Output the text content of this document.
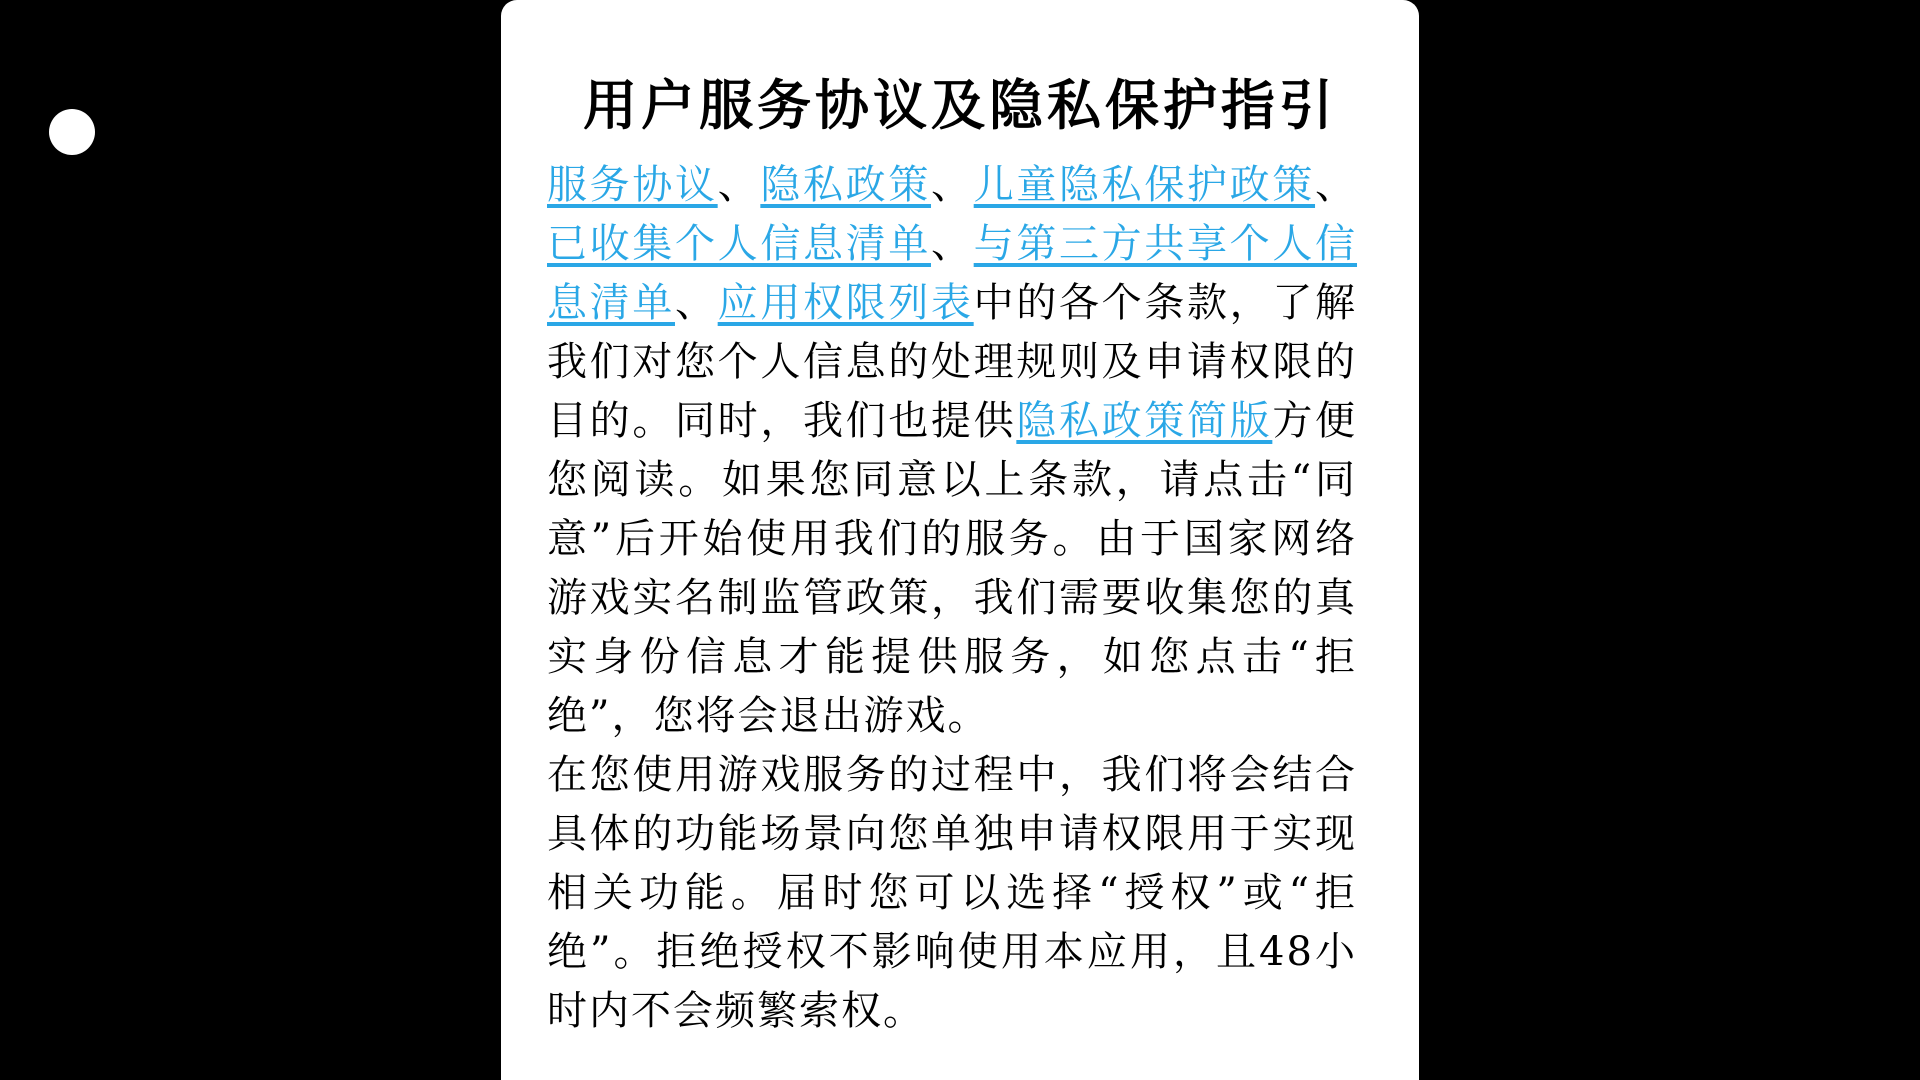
用户服务协议及隐私保护指引

服务协议、隐私政策、儿童隐私保护政策、已收集个人信息清单、与第三方共享个人信息清单、应用权限列表中的各个条款，了解我们对您个人信息的处理规则及申请权限的目的。同时，我们也提供隐私政策简版方便您阅读。如果您同意以上条款，请点击“同意”后开始使用我们的服务。由于国家网络游戏实名制监管政策，我们需要收集您的真实身份信息才能提供服务，如您点击“拒绝”，您将会退出游戏。

在您使用游戏服务的过程中，我们将会结合具体的功能场景向您单独申请权限用于实现相关功能。届时您可以选择“授权”或“拒绝”。拒绝授权不影响使用本应用，且48小时内不会频繁索权。
